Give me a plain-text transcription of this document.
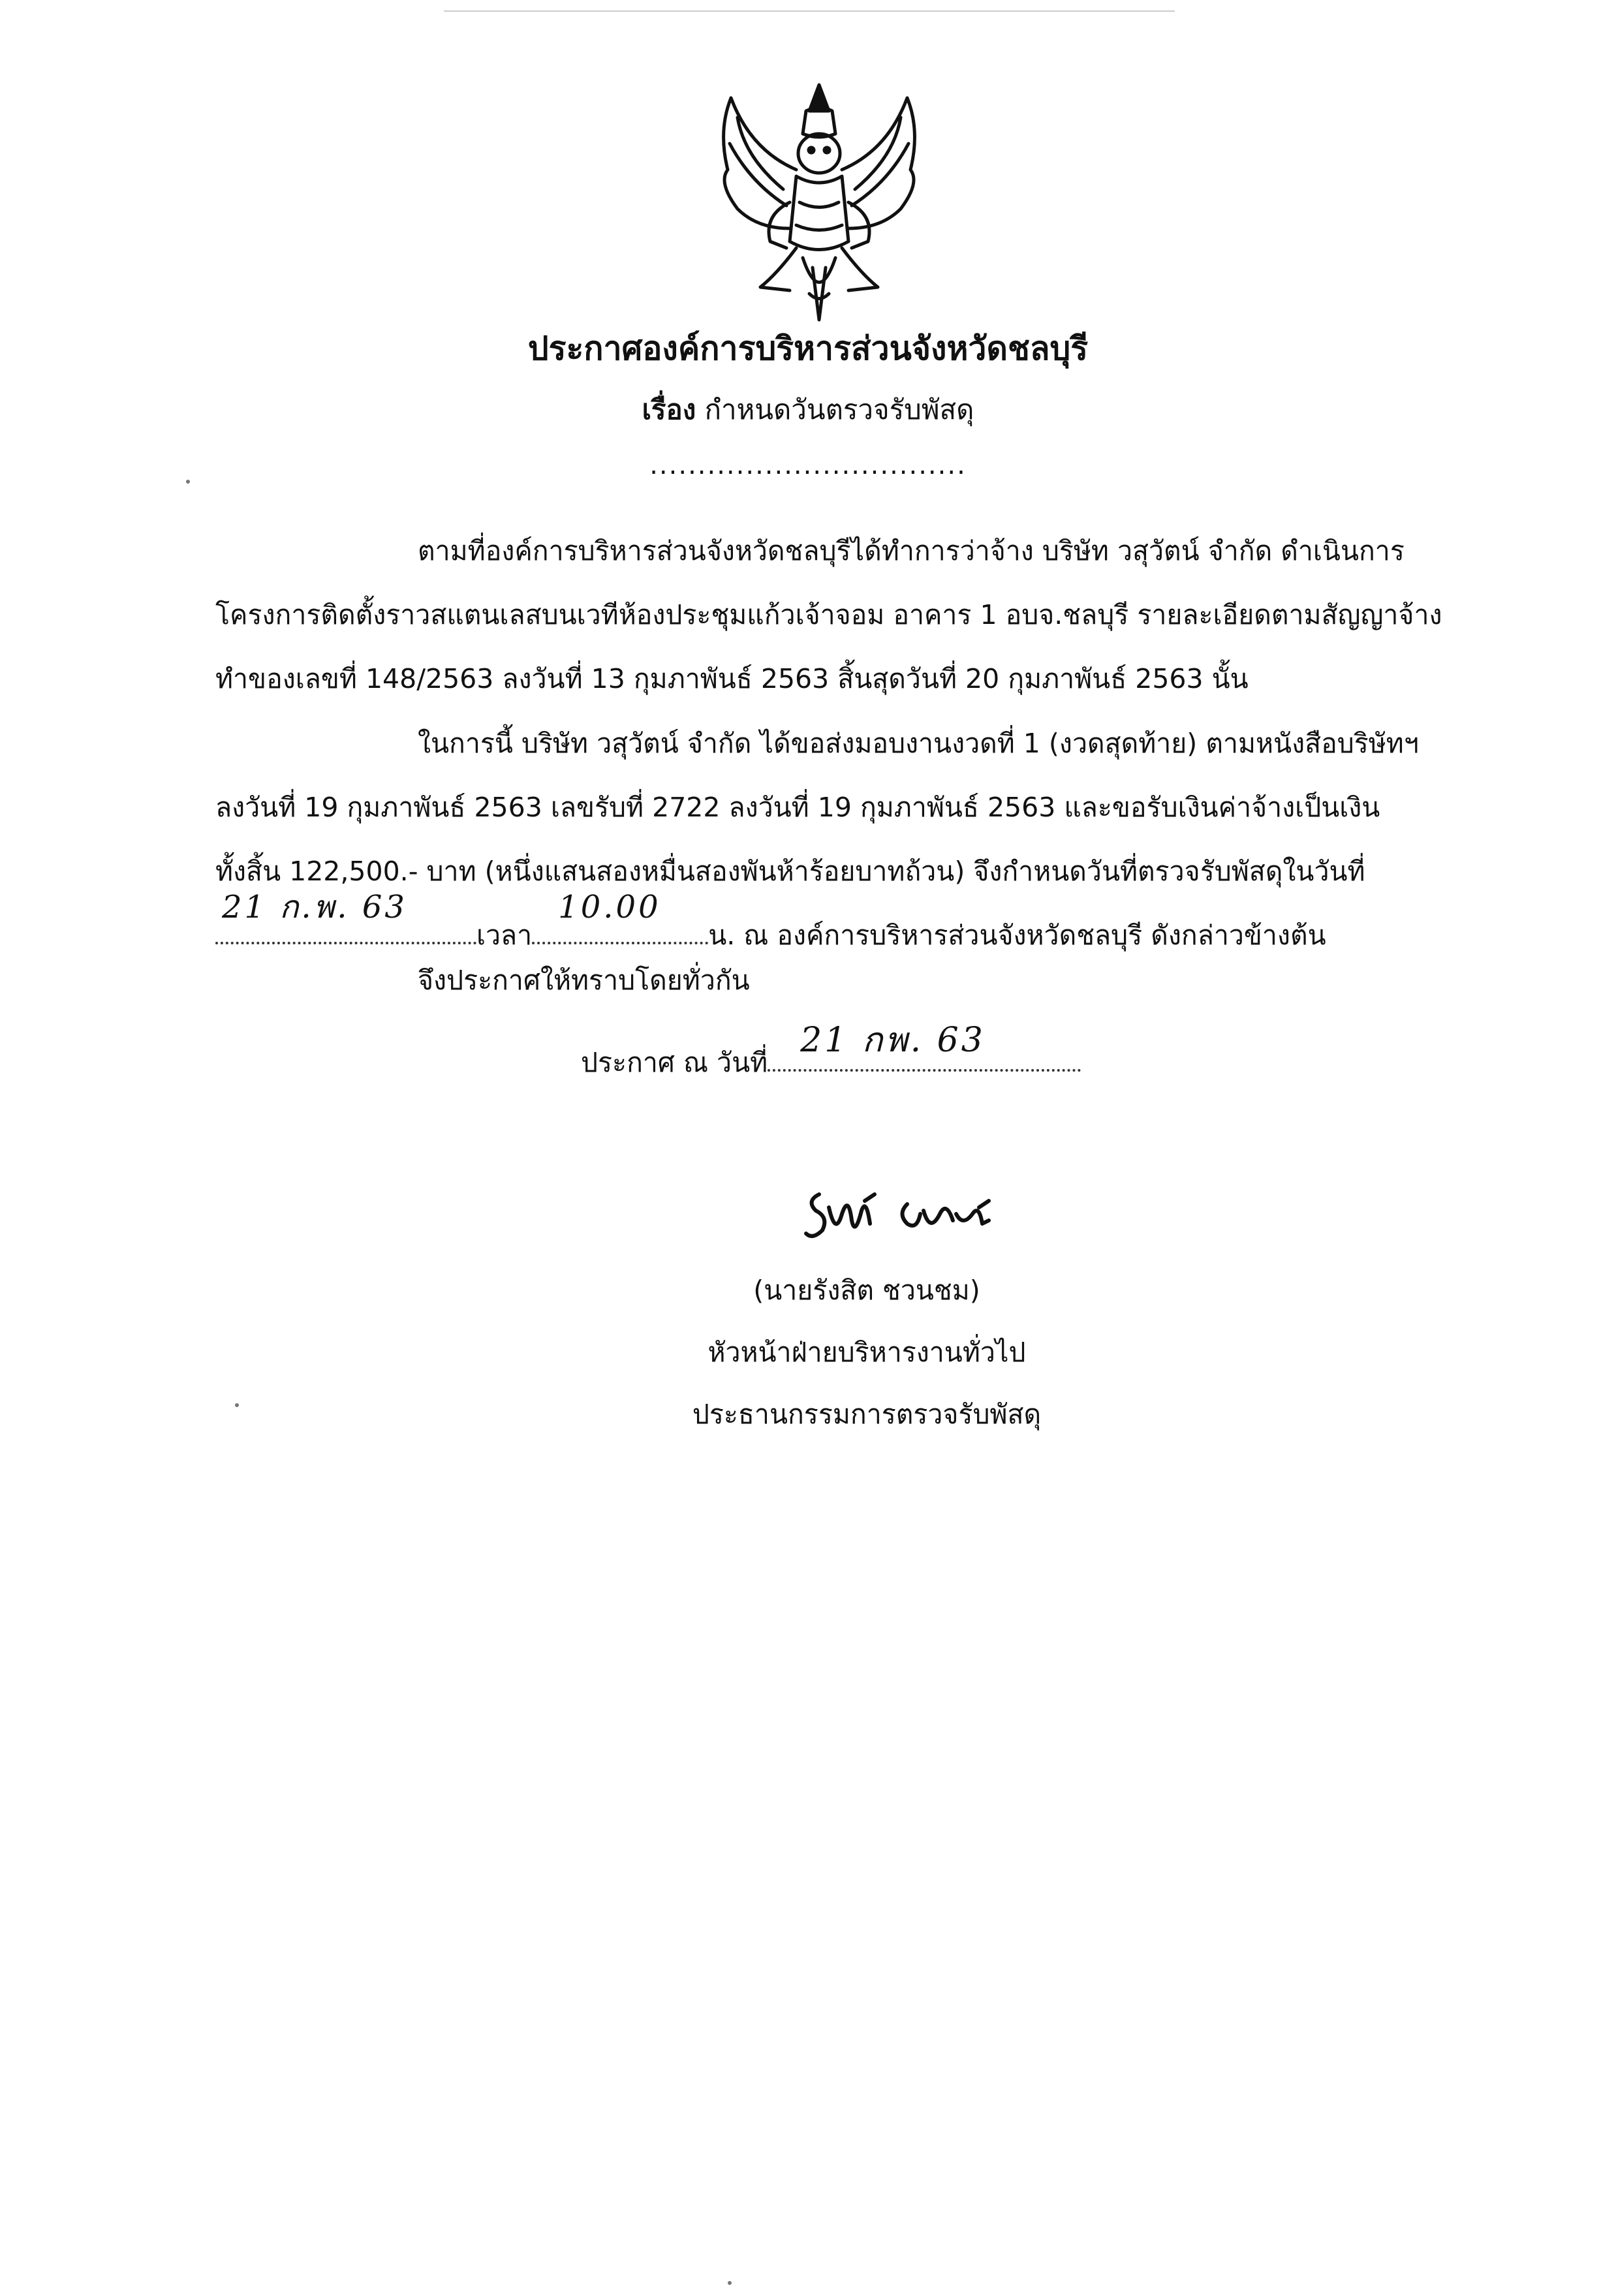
ประกาศองค์การบริหารส่วนจังหวัดชลบุรี
เรื่อง กำหนดวันตรวจรับพัสดุ
.................................
ตามที่องค์การบริหารส่วนจังหวัดชลบุรีได้ทำการว่าจ้าง บริษัท วสุวัตน์ จำกัด ดำเนินการ
โครงการติดตั้งราวสแตนเลสบนเวทีห้องประชุมแก้วเจ้าจอม อาคาร 1 อบจ.ชลบุรี รายละเอียดตามสัญญาจ้าง
ทำของเลขที่ 148/2563 ลงวันที่ 13 กุมภาพันธ์ 2563 สิ้นสุดวันที่ 20 กุมภาพันธ์ 2563 นั้น
ในการนี้ บริษัท วสุวัตน์ จำกัด ได้ขอส่งมอบงานงวดที่ 1 (งวดสุดท้าย) ตามหนังสือบริษัทฯ
ลงวันที่ 19 กุมภาพันธ์ 2563 เลขรับที่ 2722 ลงวันที่ 19 กุมภาพันธ์ 2563 และขอรับเงินค่าจ้างเป็นเงิน
ทั้งสิ้น 122,500.- บาท (หนึ่งแสนสองหมื่นสองพันห้าร้อยบาทถ้วน) จึงกำหนดวันที่ตรวจรับพัสดุในวันที่
21 ก.พ. 63
เวลา
10.00
น. ณ องค์การบริหารส่วนจังหวัดชลบุรี ดังกล่าวข้างต้น
จึงประกาศให้ทราบโดยทั่วกัน
ประกาศ ณ วันที่
21 กพ. 63
(นายรังสิต ชวนชม)
หัวหน้าฝ่ายบริหารงานทั่วไป
ประธานกรรมการตรวจรับพัสดุ
